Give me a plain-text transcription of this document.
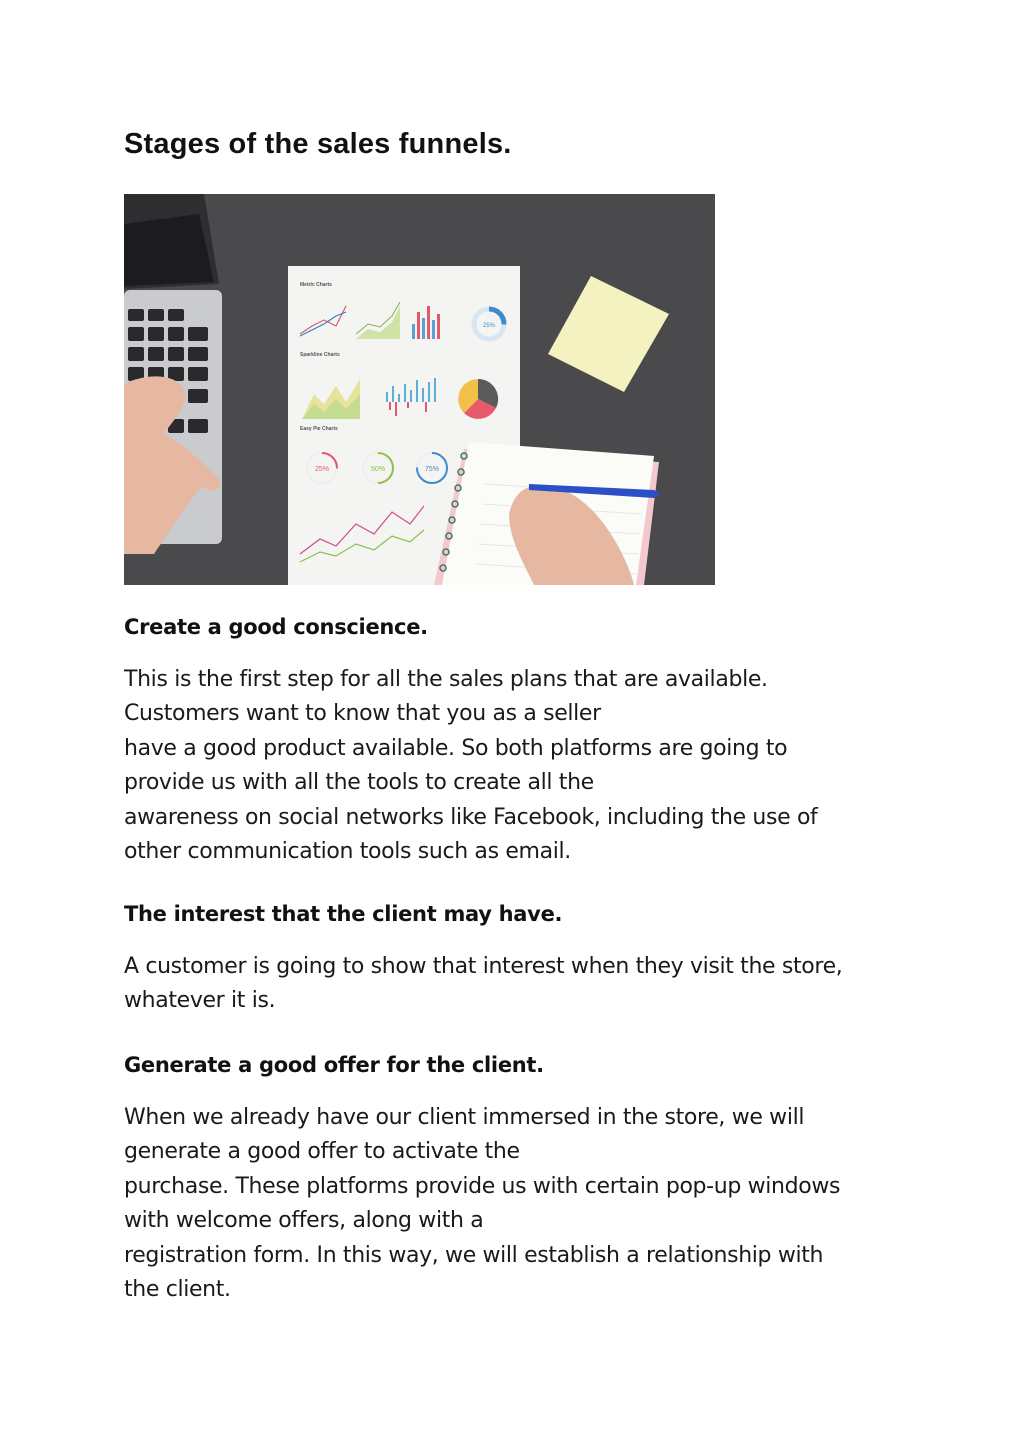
Stages of the sales funnels.
Metric Charts
25%
Sparkline Charts
Easy Pie Charts
25%	50%	75%
Create a good conscience.

This is the first step for all the sales plans that are available.
Customers want to know that you as a seller
have a good product available. So both platforms are going to
provide us with all the tools to create all the
awareness on social networks like Facebook, including the use of
other communication tools such as email.

The interest that the client may have.

A customer is going to show that interest when they visit the store,
whatever it is.

Generate a good offer for the client.

When we already have our client immersed in the store, we will
generate a good offer to activate the
purchase. These platforms provide us with certain pop-up windows
with welcome offers, along with a
registration form. In this way, we will establish a relationship with
the client.
